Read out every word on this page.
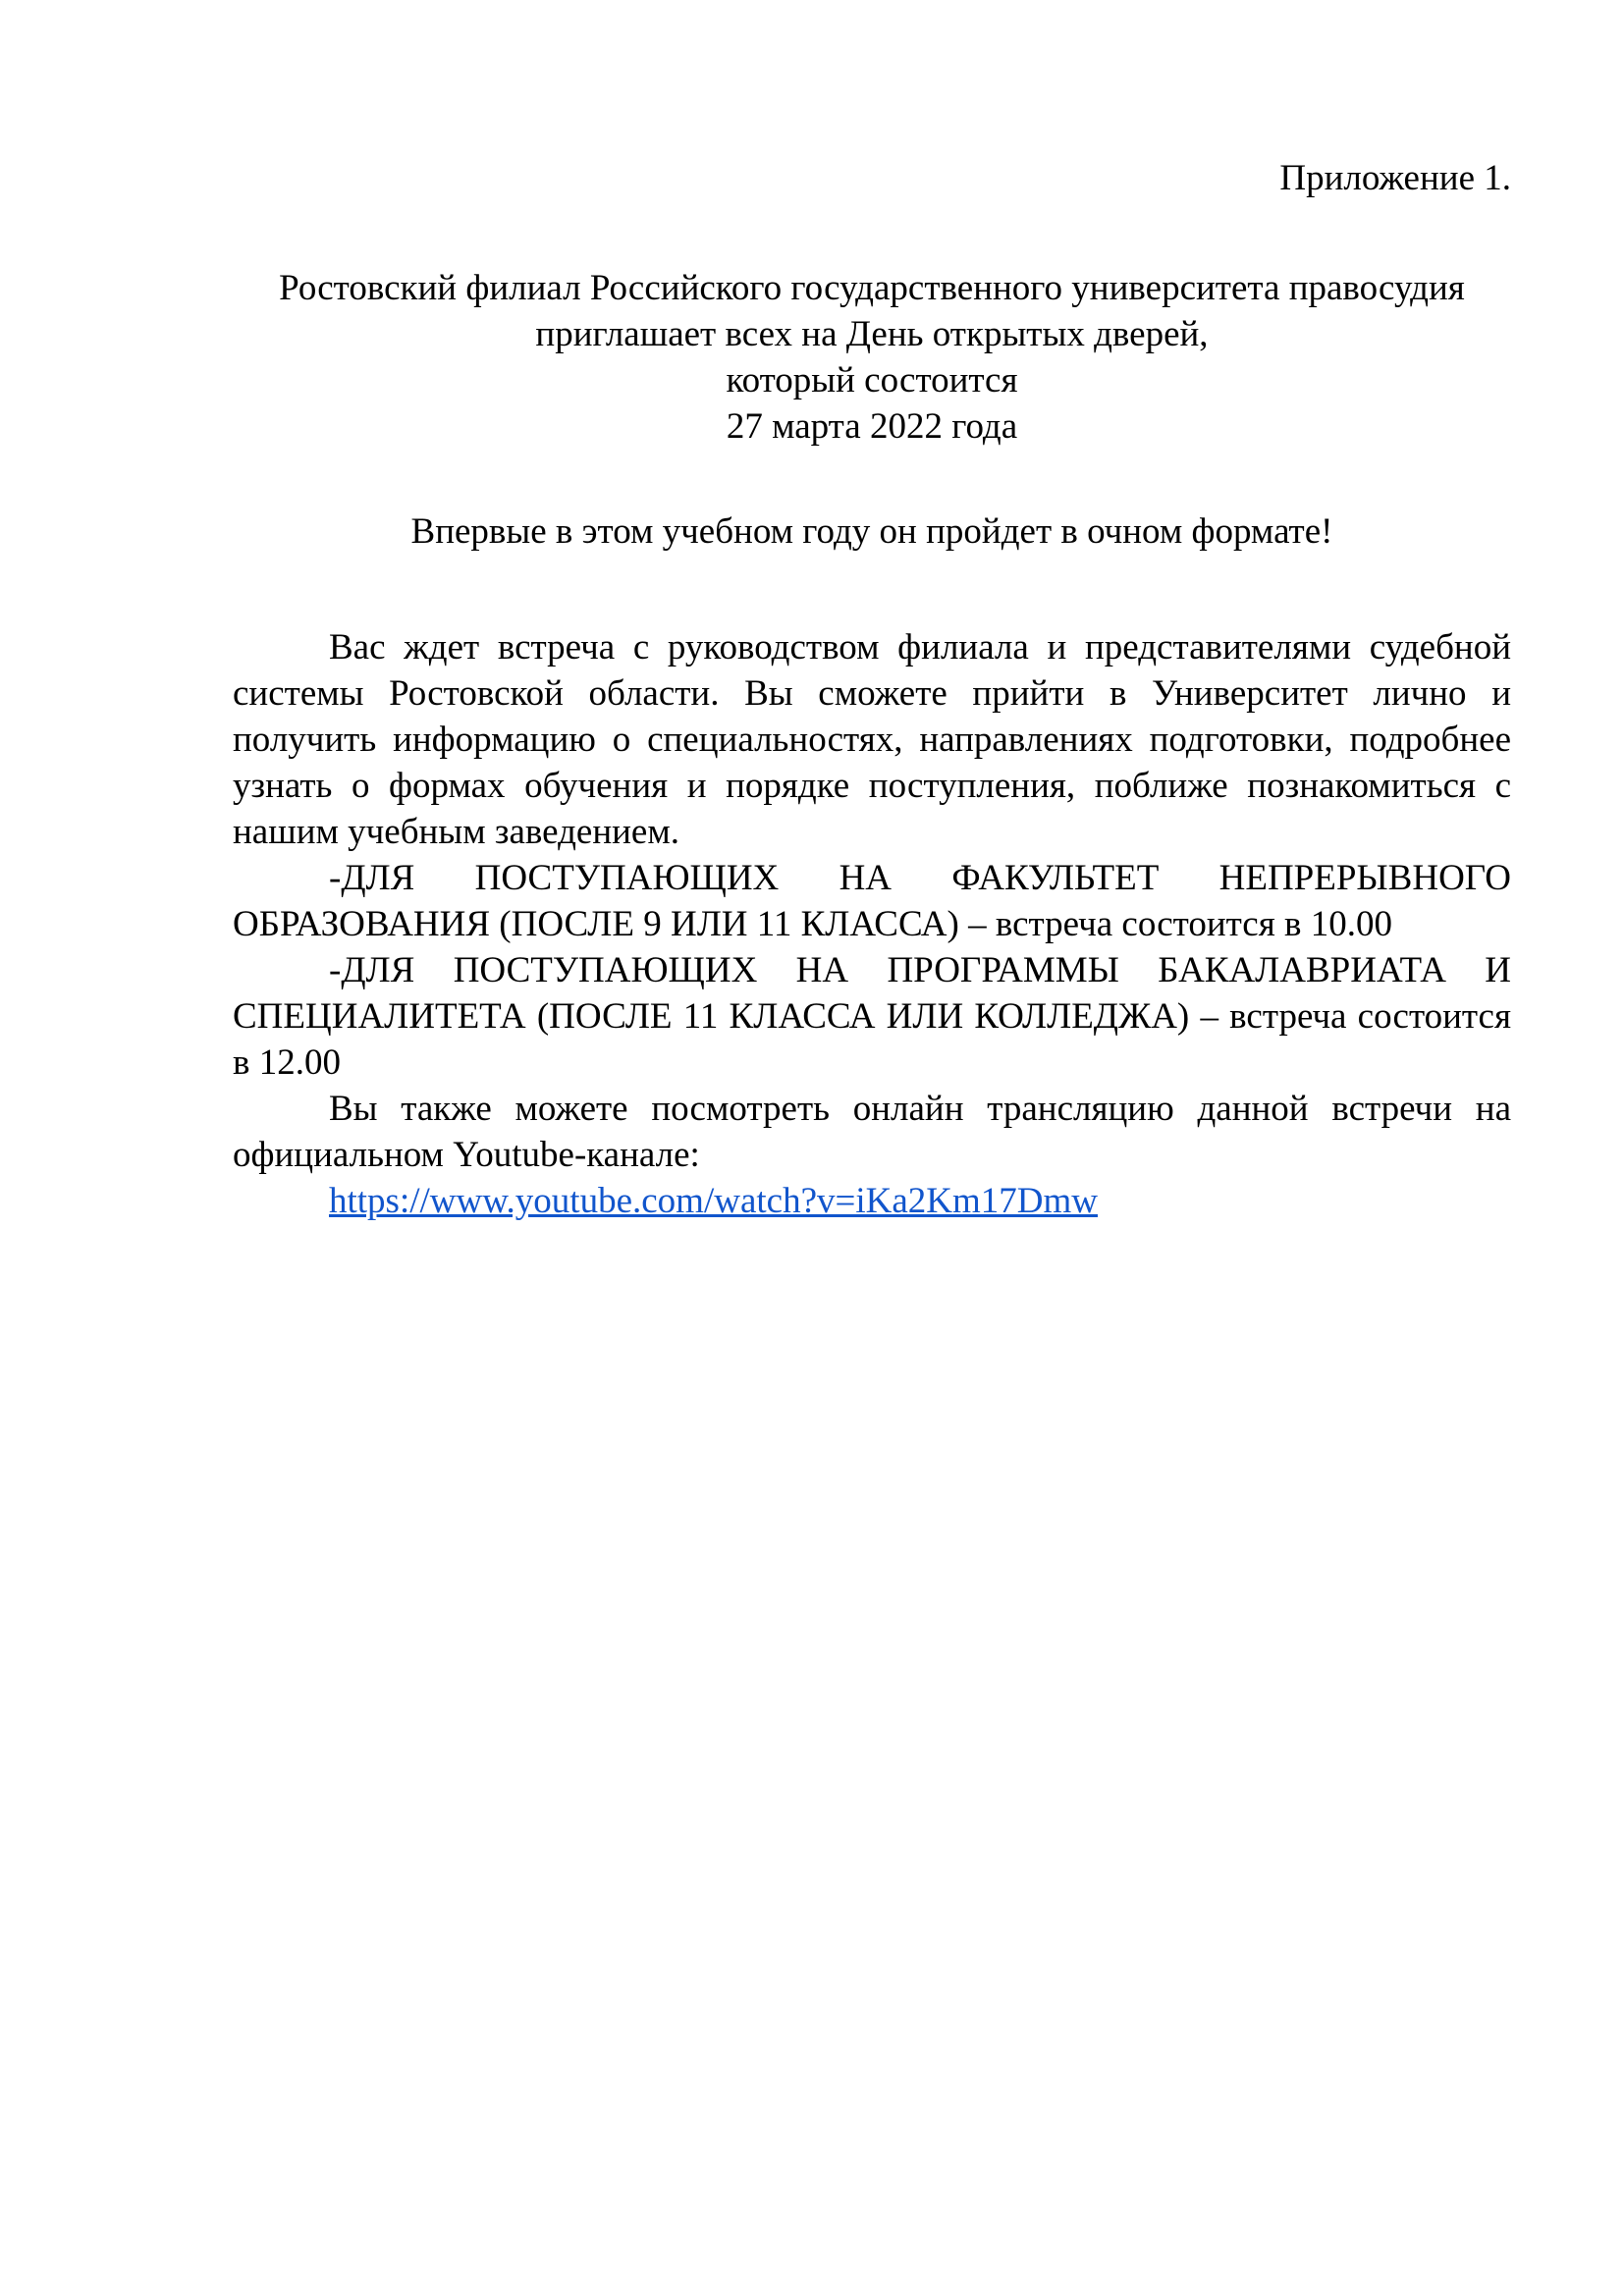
Приложение 1.
Ростовский филиал Российского государственного университета правосудия
приглашает всех на День открытых дверей,
который состоится
27 марта 2022 года
Впервые в этом учебном году он пройдет в очном формате!

Вас ждет встреча с руководством филиала и представителями судебной системы Ростовской области. Вы сможете прийти в Университет лично и получить информацию о специальностях, направлениях подготовки, подробнее узнать о формах обучения и порядке поступления, поближе познакомиться с нашим учебным заведением.

-ДЛЯ ПОСТУПАЮЩИХ НА ФАКУЛЬТЕТ НЕПРЕРЫВНОГО ОБРАЗОВАНИЯ (ПОСЛЕ 9 ИЛИ 11 КЛАССА) – встреча состоится в 10.00

-ДЛЯ ПОСТУПАЮЩИХ НА ПРОГРАММЫ БАКАЛАВРИАТА И СПЕЦИАЛИТЕТА (ПОСЛЕ 11 КЛАССА ИЛИ КОЛЛЕДЖА) – встреча состоится в 12.00

Вы также можете посмотреть онлайн трансляцию данной встречи на официальном Youtube-канале:

https://www.youtube.com/watch?v=iKa2Km17Dmw
